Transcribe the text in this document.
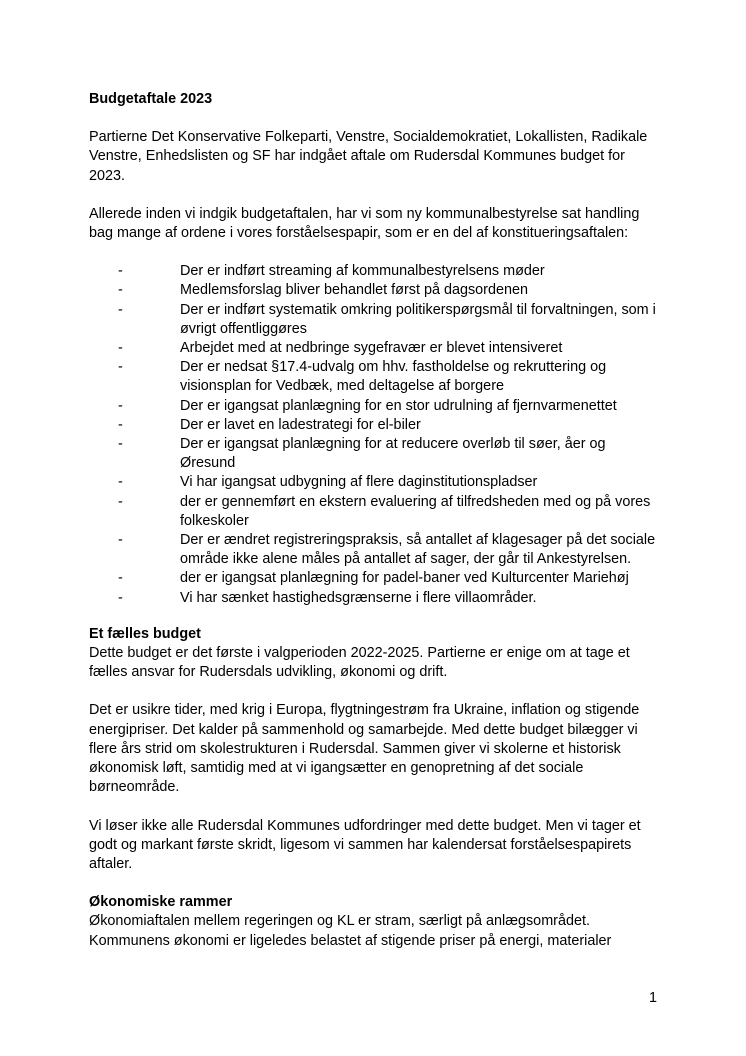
Budgetaftale 2023

Partierne Det Konservative Folkeparti, Venstre, Socialdemokratiet, Lokallisten, Radikale Venstre, Enhedslisten og SF har indgået aftale om Rudersdal Kommunes budget for 2023.

Allerede inden vi indgik budgetaftalen, har vi som ny kommunalbestyrelse sat handling bag mange af ordene i vores forståelsespapir, som er en del af konstitueringsaftalen:

-	Der er indført streaming af kommunalbestyrelsens møder
-	Medlemsforslag bliver behandlet først på dagsordenen
-	Der er indført systematik omkring politikerspørgsmål til forvaltningen, som i øvrigt offentliggøres
-	Arbejdet med at nedbringe sygefravær er blevet intensiveret
-	Der er nedsat §17.4-udvalg om hhv. fastholdelse og rekruttering og visionsplan for Vedbæk, med deltagelse af borgere
-	Der er igangsat planlægning for en stor udrulning af fjernvarmenettet
-	Der er lavet en ladestrategi for el-biler
-	Der er igangsat planlægning for at reducere overløb til søer, åer og Øresund
-	Vi har igangsat udbygning af flere daginstitutionspladser
-	der er gennemført en ekstern evaluering af tilfredsheden med og på vores folkeskoler
-	Der er ændret registreringspraksis, så antallet af klagesager på det sociale område ikke alene måles på antallet af sager, der går til Ankestyrelsen.
-	der er igangsat planlægning for padel-baner ved Kulturcenter Mariehøj
-	Vi har sænket hastighedsgrænserne i flere villaområder.
Et fælles budget

Dette budget er det første i valgperioden 2022-2025. Partierne er enige om at tage et fælles ansvar for Rudersdals udvikling, økonomi og drift.

Det er usikre tider, med krig i Europa, flygtningestrøm fra Ukraine, inflation og stigende energipriser. Det kalder på sammenhold og samarbejde. Med dette budget bilægger vi flere års strid om skolestrukturen i Rudersdal. Sammen giver vi skolerne et historisk økonomisk løft, samtidig med at vi igangsætter en genopretning af det sociale børneområde.

Vi løser ikke alle Rudersdal Kommunes udfordringer med dette budget. Men vi tager et godt og markant første skridt, ligesom vi sammen har kalendersat forståelsespapirets aftaler.

Økonomiske rammer

Økonomiaftalen mellem regeringen og KL er stram, særligt på anlægsområdet. Kommunens økonomi er ligeledes belastet af stigende priser på energi, materialer

1
